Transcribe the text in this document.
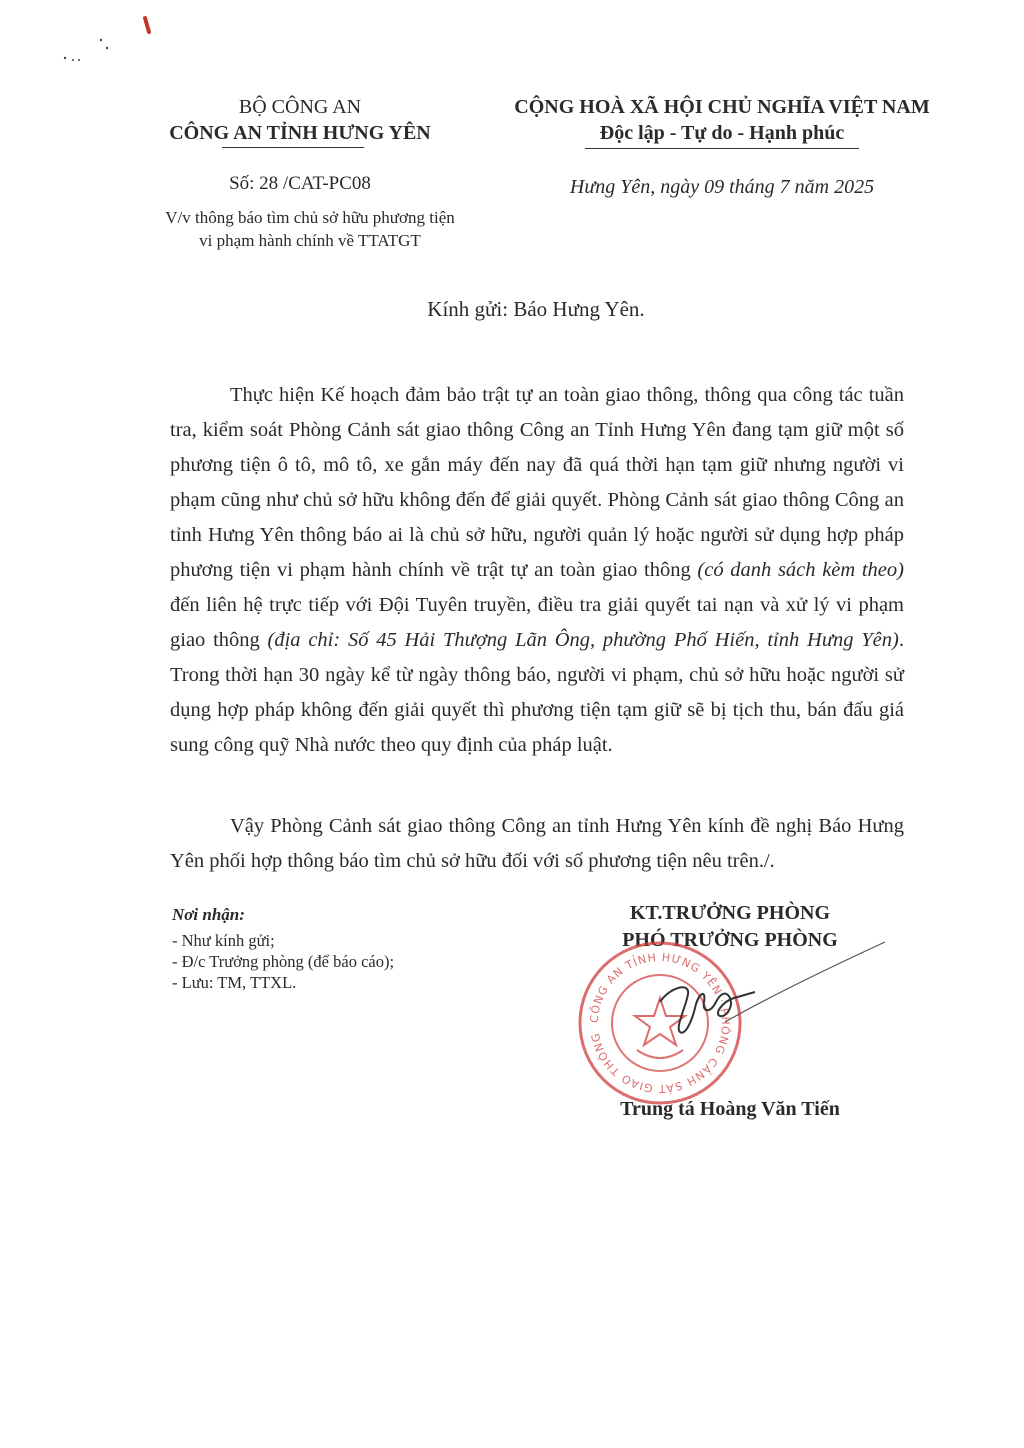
BỘ CÔNG AN
CÔNG AN TỈNH HƯNG YÊN
Số: 28 /CAT-PC08
V/v thông báo tìm chủ sở hữu phương tiện
vi phạm hành chính về TTATGT
CỘNG HOÀ XÃ HỘI CHỦ NGHĨA VIỆT NAM
Độc lập - Tự do - Hạnh phúc
Hưng Yên, ngày 09 tháng 7 năm 2025
Kính gửi: Báo Hưng Yên.
Thực hiện Kế hoạch đảm bảo trật tự an toàn giao thông, thông qua công tác tuần tra, kiểm soát Phòng Cảnh sát giao thông Công an Tỉnh Hưng Yên đang tạm giữ một số phương tiện ô tô, mô tô, xe gắn máy đến nay đã quá thời hạn tạm giữ nhưng người vi phạm cũng như chủ sở hữu không đến để giải quyết. Phòng Cảnh sát giao thông Công an tỉnh Hưng Yên thông báo ai là chủ sở hữu, người quản lý hoặc người sử dụng hợp pháp phương tiện vi phạm hành chính về trật tự an toàn giao thông (có danh sách kèm theo) đến liên hệ trực tiếp với Đội Tuyên truyền, điều tra giải quyết tai nạn và xử lý vi phạm giao thông (địa chỉ: Số 45 Hải Thượng Lãn Ông, phường Phố Hiến, tỉnh Hưng Yên). Trong thời hạn 30 ngày kể từ ngày thông báo, người vi phạm, chủ sở hữu hoặc người sử dụng hợp pháp không đến giải quyết thì phương tiện tạm giữ sẽ bị tịch thu, bán đấu giá sung công quỹ Nhà nước theo quy định của pháp luật.
Vậy Phòng Cảnh sát giao thông Công an tỉnh Hưng Yên kính đề nghị Báo Hưng Yên phối hợp thông báo tìm chủ sở hữu đối với số phương tiện nêu trên./.
Nơi nhận:
- Như kính gửi;
- Đ/c Trưởng phòng (để báo cáo);
- Lưu: TM, TTXL.
KT.TRƯỞNG PHÒNG
PHÓ TRƯỞNG PHÒNG
CÔNG AN TỈNH HƯNG YÊN · PHÒNG CẢNH SÁT GIAO THÔNG
Trung tá Hoàng Văn Tiến
